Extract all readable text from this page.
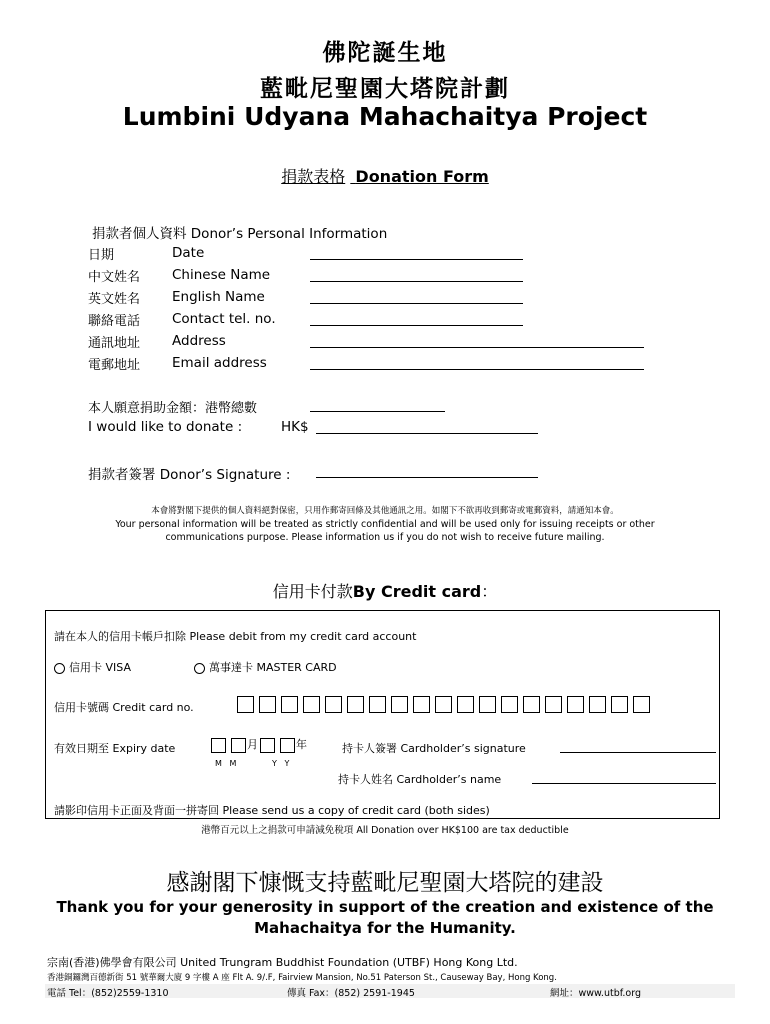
佛陀誕生地
藍毗尼聖園大塔院計劃
Lumbini Udyana Mahachaitya Project
捐款表格 Donation Form
捐款者個人資料 Donor’s Personal Information
日期	Date
中文姓名 Chinese Name
英文姓名 English Name
聯絡電話 Contact tel. no.
通訊地址 Address
電郵地址 Email address
本人願意捐助金額：港幣總數
I would like to donate :	HK$
捐款者簽署 Donor’s Signature :
本會將對閣下提供的個人資料絕對保密，只用作郵寄回條及其他通訊之用。如閣下不欲再收到郵寄或電郵資料，請通知本會。
Your personal information will be treated as strictly confidential and will be used only for issuing receipts or other
communications purpose. Please information us if you do not wish to receive future mailing.
信用卡付款By Credit card：
請在本人的信用卡帳戶扣除 Please debit from my credit card account
信用卡 VISA	萬事達卡 MASTER CARD
信用卡號碼 Credit card no.
有效日期至 Expiry date	月	年
M   M	Y   Y
持卡人簽署 Cardholder’s signature
持卡人姓名 Cardholder’s name
請影印信用卡正面及背面一拼寄回 Please send us a copy of credit card (both sides)
港幣百元以上之捐款可申請減免稅項 All Donation over HK$100 are tax deductible
感謝閣下慷慨支持藍毗尼聖園大塔院的建設
Thank you for your generosity in support of the creation and existence of the
Mahachaitya for the Humanity.
宗南(香港)佛學會有限公司 United Trungram Buddhist Foundation (UTBF) Hong Kong Ltd.
香港銅鑼灣百德新街 51 號華爾大廈 9 字樓 A 座 Flt A. 9/.F, Fairview Mansion, No.51 Paterson St., Causeway Bay, Hong Kong.
電話 Tel：(852)2559-1310	傳真 Fax：(852) 2591-1945	網址：www.utbf.org
